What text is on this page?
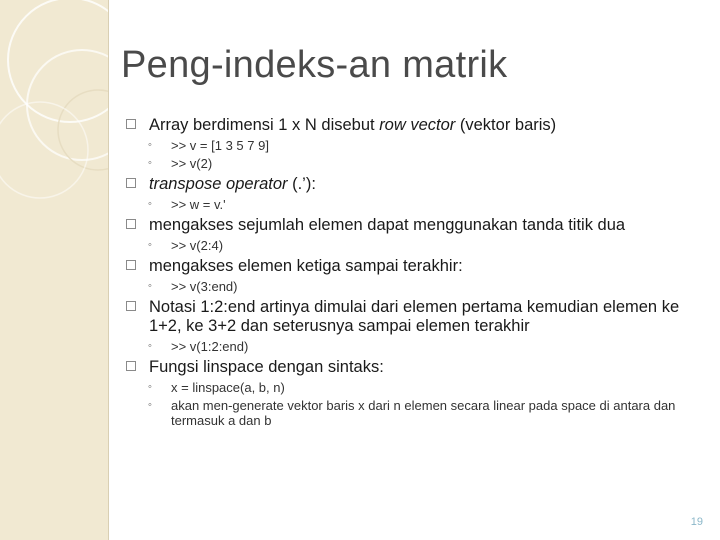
Peng-indeks-an matrik
Array berdimensi 1 x N disebut row vector (vektor baris)
◦ >> v = [1 3 5 7 9]
◦ >> v(2)
transpose operator (.’):
◦ >> w = v.'
mengakses sejumlah elemen dapat menggunakan tanda titik dua
◦ >> v(2:4)
mengakses elemen ketiga sampai terakhir:
◦ >> v(3:end)
Notasi 1:2:end artinya dimulai dari elemen pertama kemudian elemen ke 1+2, ke 3+2 dan seterusnya sampai elemen terakhir
◦ >> v(1:2:end)
Fungsi linspace dengan sintaks:
◦ x = linspace(a, b, n)
◦ akan men-generate vektor baris x dari n elemen secara linear pada space di antara dan termasuk a dan b
19
